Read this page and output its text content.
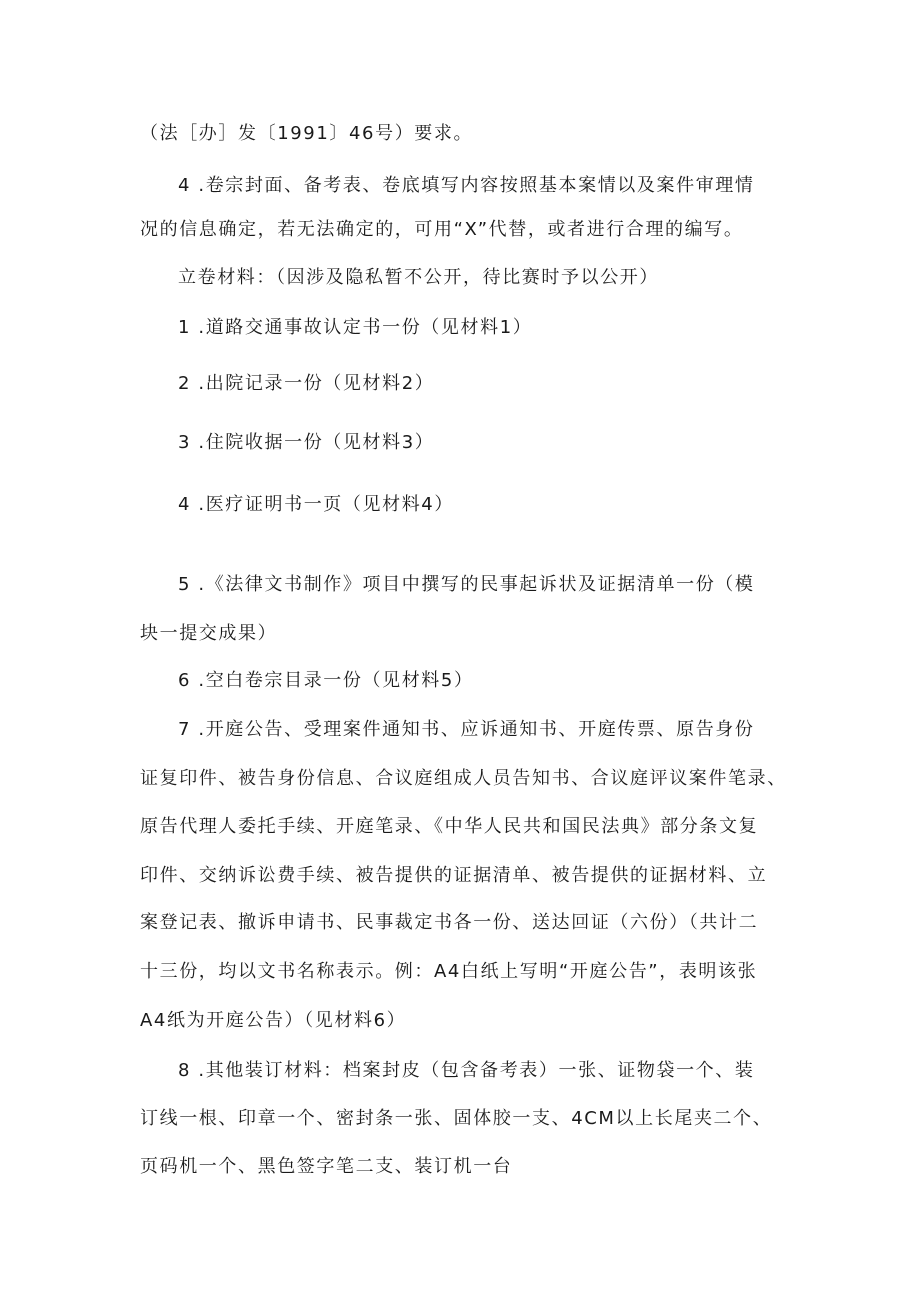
（法［办］发〔1991〕46号）要求。
4 .卷宗封面、备考表、卷底填写内容按照基本案情以及案件审理情
况的信息确定，若无法确定的，可用“X”代替，或者进行合理的编写。
立卷材料：（因涉及隐私暂不公开，待比赛时予以公开）
1 .道路交通事故认定书一份（见材料1）
2 .出院记录一份（见材料2）
3 .住院收据一份（见材料3）
4 .医疗证明书一页（见材料4）
5 .《法律文书制作》项目中撰写的民事起诉状及证据清单一份（模
块一提交成果）
6 .空白卷宗目录一份（见材料5）
7 .开庭公告、受理案件通知书、应诉通知书、开庭传票、原告身份
证复印件、被告身份信息、合议庭组成人员告知书、合议庭评议案件笔录、
原告代理人委托手续、开庭笔录、《中华人民共和国民法典》部分条文复
印件、交纳诉讼费手续、被告提供的证据清单、被告提供的证据材料、立
案登记表、撤诉申请书、民事裁定书各一份、送达回证（六份）（共计二
十三份，均以文书名称表示。例：A4白纸上写明“开庭公告”，表明该张
A4纸为开庭公告）（见材料6）
8 .其他装订材料：档案封皮（包含备考表）一张、证物袋一个、装
订线一根、印章一个、密封条一张、固体胶一支、4CM以上长尾夹二个、
页码机一个、黑色签字笔二支、装订机一台
